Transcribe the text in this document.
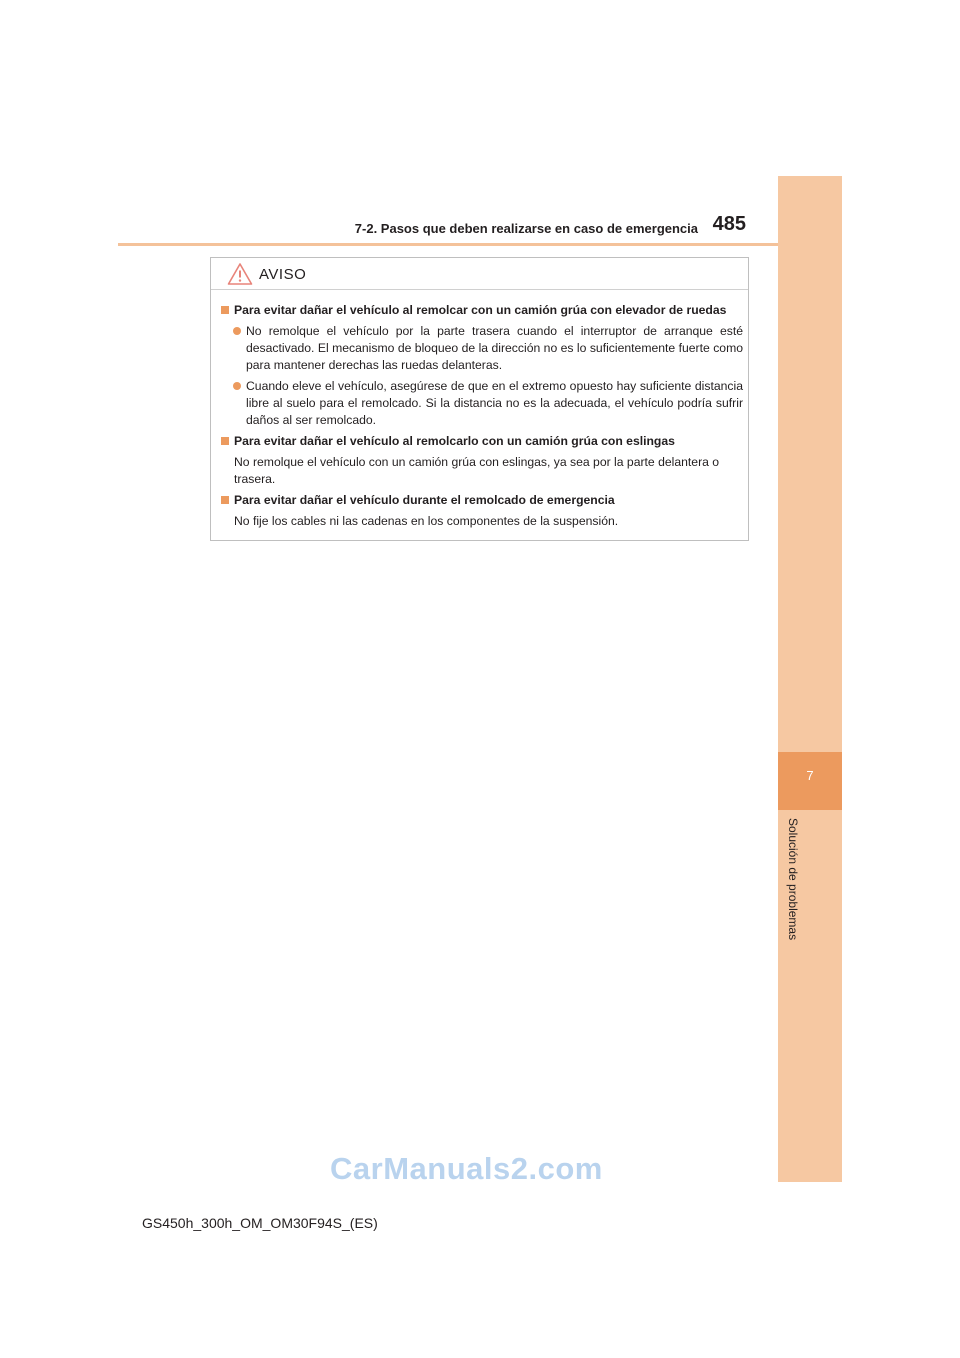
7-2. Pasos que deben realizarse en caso de emergencia 485
7
Solución de problemas
AVISO
Para evitar dañar el vehículo al remolcar con un camión grúa con elevador de ruedas
No remolque el vehículo por la parte trasera cuando el interruptor de arranque esté desactivado. El mecanismo de bloqueo de la dirección no es lo suficientemente fuerte como para mantener derechas las ruedas delanteras.
Cuando eleve el vehículo, asegúrese de que en el extremo opuesto hay suficiente distancia libre al suelo para el remolcado. Si la distancia no es la adecuada, el vehículo podría sufrir daños al ser remolcado.
Para evitar dañar el vehículo al remolcarlo con un camión grúa con eslingas
No remolque el vehículo con un camión grúa con eslingas, ya sea por la parte delantera o trasera.
Para evitar dañar el vehículo durante el remolcado de emergencia
No fije los cables ni las cadenas en los componentes de la suspensión.
CarManuals2.com
GS450h_300h_OM_OM30F94S_(ES)
